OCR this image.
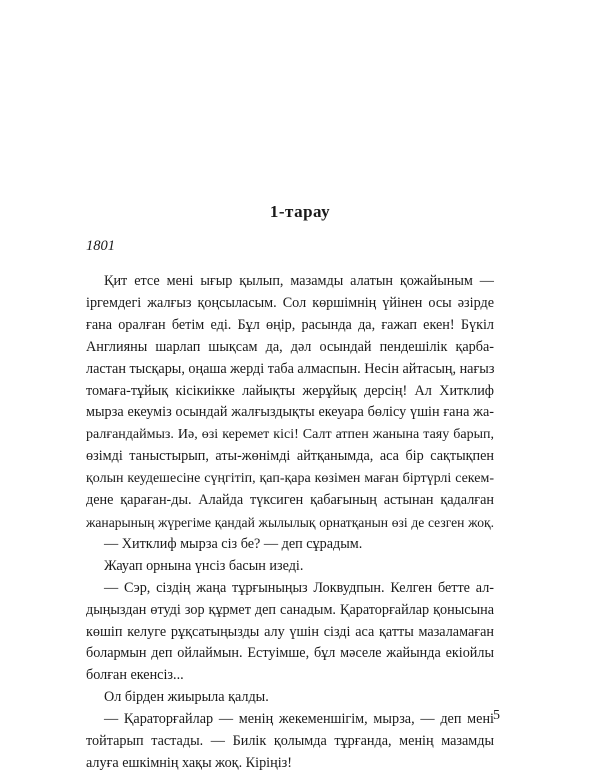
1-тарау
1801
Қит етсе мені ығыр қылып, мазамды алатын қожайыным —
іргемдегі жалғыз қоңсыласым. Сол көршімнің үйінен осы әзірде
ғана оралған бетім еді. Бұл өңір, расында да, ғажап екен! Бүкіл
Англияны шарлап шықсам да, дәл осындай пендешілік қарба-
ластан тысқары, оңаша жерді таба алмаспын. Несін айтасың, нағыз
томаға-тұйық кісікиікке лайықты жерұйық дерсің! Ал Хитклиф
мырза екеуміз осындай жалғыздықты екеуара бөлісу үшін ғана жа-
ралғандаймыз. Иә, өзі керемет кісі! Салт атпен жанына таяу барып,
өзімді таныстырып, аты-жөнімді айтқанымда, аса бір сақтықпен
қолын кеудешесіне сүңгітіп, қап-қара көзімен маған біртүрлі секем-
дене қараған-ды. Алайда түксиген қабағының астынан қадалған
жанарының жүрегіме қандай жылылық орнатқанын өзі де сезген жоқ.
— Хитклиф мырза сіз бе? — деп сұрадым.
Жауап орнына үнсіз басын изеді.
— Сэр, сіздің жаңа тұрғыныңыз Локвудпын. Келген бетте ал-
дыңыздан өтуді зор құрмет деп санадым. Қараторғайлар қонысына
көшіп келуге рұқсатыңызды алу үшін сізді аса қатты мазаламаған
болармын деп ойлаймын. Естуімше, бұл мәселе жайында екіойлы
болған екенсіз...
Ол бірден жиырыла қалды.
— Қараторғайлар — менің жекеменшігім, мырза, — деп мені
тойтарып тастады. — Билік қолымда тұрғанда, менің мазамды
алуға ешкімнің хақы жоқ. Кіріңіз!
5
